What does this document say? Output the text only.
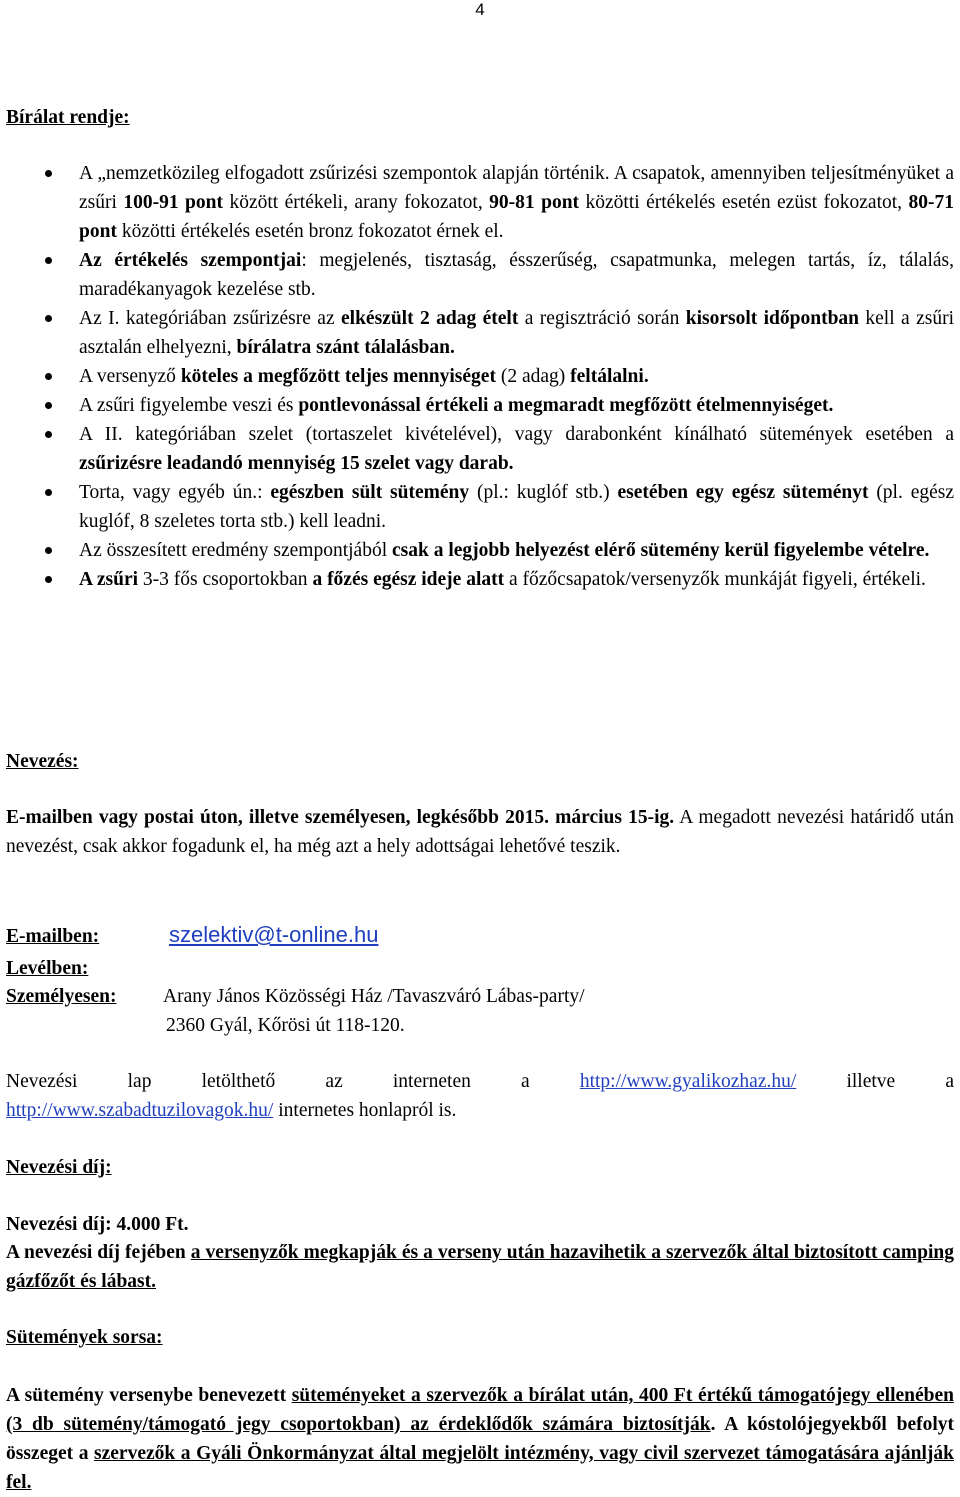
4
Bírálat rendje:
A „nemzetközileg elfogadott zsűrizési szempontok alapján történik. A csapatok, amennyiben teljesítményüket a zsűri 100-91 pont között értékeli, arany fokozatot, 90-81 pont közötti értékelés esetén ezüst fokozatot, 80-71 pont közötti értékelés esetén bronz fokozatot érnek el.
Az értékelés szempontjai: megjelenés, tisztaság, ésszerűség, csapatmunka, melegen tartás, íz, tálalás, maradékanyagok kezelése stb.
Az I. kategóriában zsűrizésre az elkészült 2 adag ételt a regisztráció során kisorsolt időpontban kell a zsűri asztalán elhelyezni, bírálatra szánt tálalásban.
A versenyző köteles a megfőzött teljes mennyiséget (2 adag) feltálalni.
A zsűri figyelembe veszi és pontlevonással értékeli a megmaradt megfőzött ételmennyiséget.
A II. kategóriában szelet (tortaszelet kivételével), vagy darabonként kínálható sütemények esetében a zsűrizésre leadandó mennyiség 15 szelet vagy darab.
Torta, vagy egyéb ún.: egészben sült sütemény (pl.: kuglóf stb.) esetében egy egész süteményt (pl. egész kuglóf, 8 szeletes torta stb.) kell leadni.
Az összesített eredmény szempontjából csak a legjobb helyezést elérő sütemény kerül figyelembe vételre.
A zsűri 3-3 fős csoportokban a főzés egész ideje alatt a főzőcsapatok/versenyzők munkáját figyeli, értékeli.
Nevezés:

E-mailben vagy postai úton, illetve személyesen, legkésőbb 2015. március 15-ig. A megadott nevezési határidő után nevezést, csak akkor fogadunk el, ha még azt a hely adottságai lehetővé teszik.

E-mailben:	szelektiv@t-online.hu
Levélben:
Személyesen: Arany János Közösségi Ház /Tavaszváró Lábas-party/
2360 Gyál, Kőrösi út 118-120.

Nevezési lap letölthető az interneten a http://www.gyalikozhaz.hu/ illetve a
http://www.szabadtuzilovagok.hu/ internetes honlapról is.

Nevezési díj:
Nevezési díj: 4.000 Ft.

A nevezési díj fejében a versenyzők megkapják és a verseny után hazavihetik a szervezők által biztosított camping gázfőzőt és lábast.

Sütemények sorsa:

A sütemény versenybe benevezett süteményeket a szervezők a bírálat után, 400 Ft értékű támogatójegy ellenében (3 db sütemény/támogató jegy csoportokban) az érdeklődők számára biztosítják. A kóstolójegyekből befolyt összeget a szervezők a Gyáli Önkormányzat által megjelölt intézmény, vagy civil szervezet támogatására ajánlják fel.
